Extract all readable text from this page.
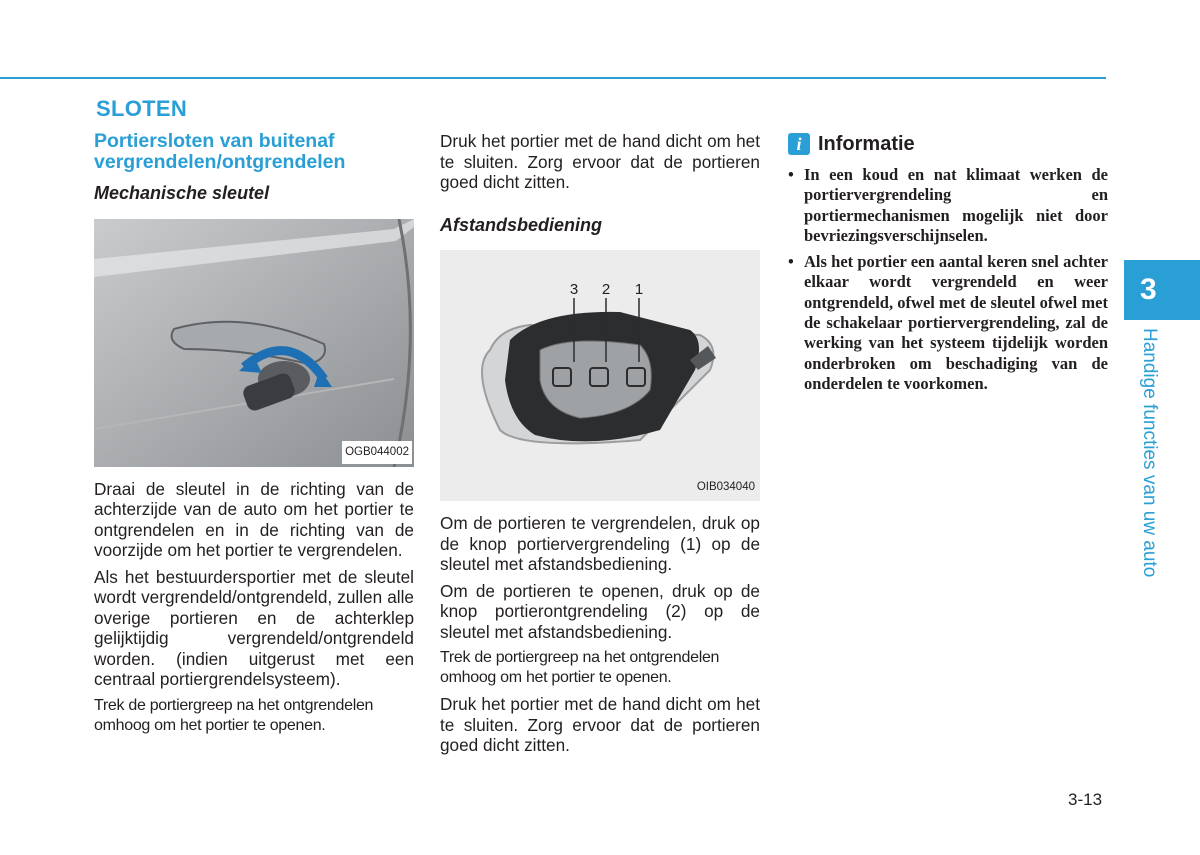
SLOTEN
Portiersloten van buitenaf vergrendelen/ontgrendelen
Mechanische sleutel
OGB044002

Draai de sleutel in de richting van de achterzijde van de auto om het portier te ontgrendelen en in de richting van de voorzijde om het portier te vergrendelen.

Als het bestuurdersportier met de sleutel wordt vergrendeld/ontgrendeld, zullen alle overige portieren en de achterklep gelijktijdig vergrendeld/ontgrendeld worden. (indien uitgerust met een centraal portiergrendelsysteem).

Trek de portiergreep na het ontgrendelen omhoog om het portier te openen.

Druk het portier met de hand dicht om het te sluiten. Zorg ervoor dat de portieren goed dicht zitten.

Afstandsbediening
3 2 1
OIB034040

Om de portieren te vergrendelen, druk op de knop portiervergrendeling (1) op de sleutel met afstandsbediening.

Om de portieren te openen, druk op de knop portierontgrendeling (2) op de sleutel met afstandsbediening.

Trek de portiergreep na het ontgrendelen omhoog om het portier te openen.

Druk het portier met de hand dicht om het te sluiten. Zorg ervoor dat de portieren goed dicht zitten.

i Informatie
• In een koud en nat klimaat werken de portiervergrendeling en portiermechanismen mogelijk niet door bevriezingsverschijnselen.
• Als het portier een aantal keren snel achter elkaar wordt vergrendeld en weer ontgrendeld, ofwel met de sleutel ofwel met de schakelaar portiervergrendeling, zal de werking van het systeem tijdelijk worden onderbroken om beschadiging van de onderdelen te voorkomen.
3
Handige functies van uw auto
3-13
